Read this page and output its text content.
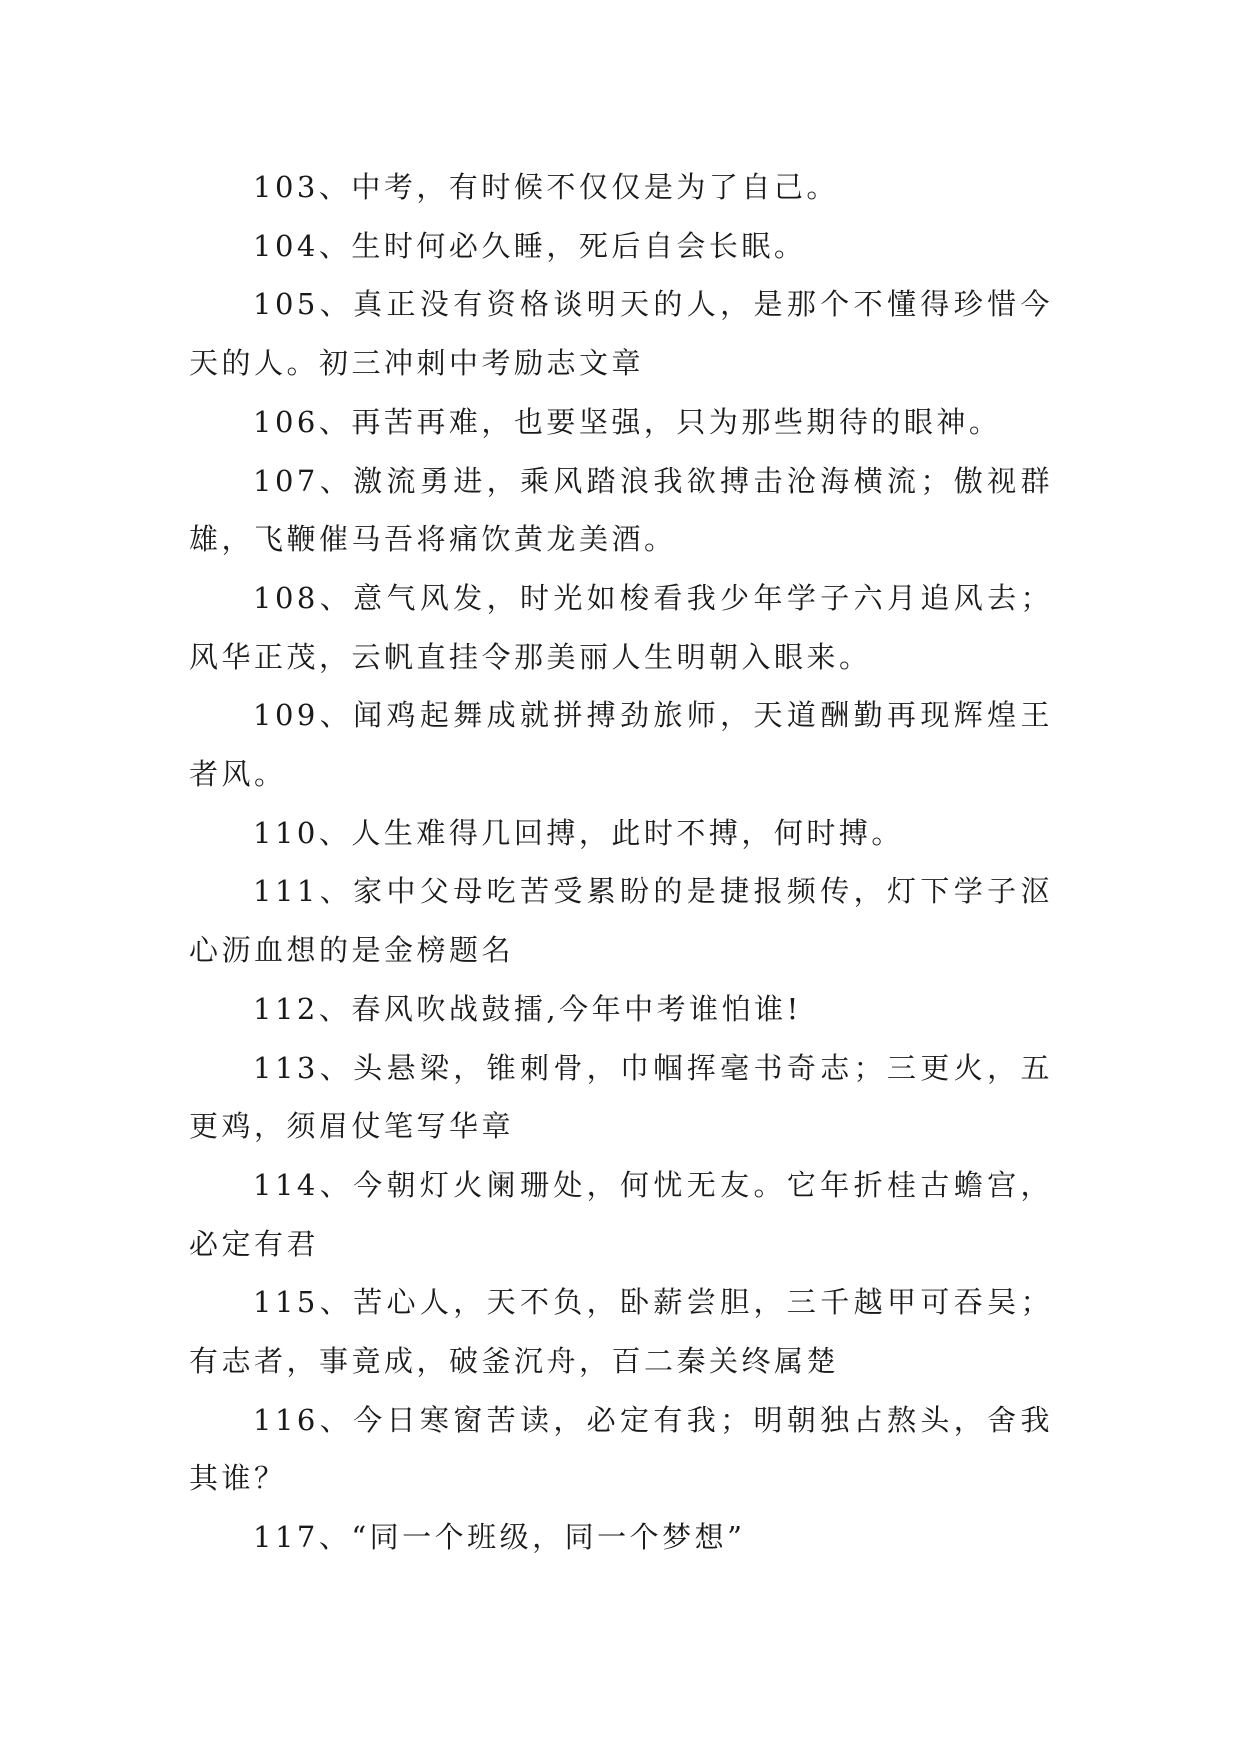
103、中考，有时候不仅仅是为了自己。

104、生时何必久睡，死后自会长眠。

105、真正没有资格谈明天的人，是那个不懂得珍惜今天的人。初三冲刺中考励志文章

106、再苦再难，也要坚强，只为那些期待的眼神。

107、激流勇进，乘风踏浪我欲搏击沧海横流；傲视群雄，飞鞭催马吾将痛饮黄龙美酒。

108、意气风发，时光如梭看我少年学子六月追风去；风华正茂，云帆直挂令那美丽人生明朝入眼来。

109、闻鸡起舞成就拼搏劲旅师，天道酬勤再现辉煌王者风。

110、人生难得几回搏，此时不搏，何时搏。

111、家中父母吃苦受累盼的是捷报频传，灯下学子沤心沥血想的是金榜题名

112、春风吹战鼓擂,今年中考谁怕谁!

113、头悬梁，锥刺骨，巾帼挥毫书奇志；三更火，五更鸡，须眉仗笔写华章

114、今朝灯火阑珊处，何忧无友。它年折桂古蟾宫，必定有君

115、苦心人，天不负，卧薪尝胆，三千越甲可吞吴；有志者，事竟成，破釜沉舟，百二秦关终属楚

116、今日寒窗苦读，必定有我；明朝独占熬头，舍我其谁？

117、“同一个班级，同一个梦想”
